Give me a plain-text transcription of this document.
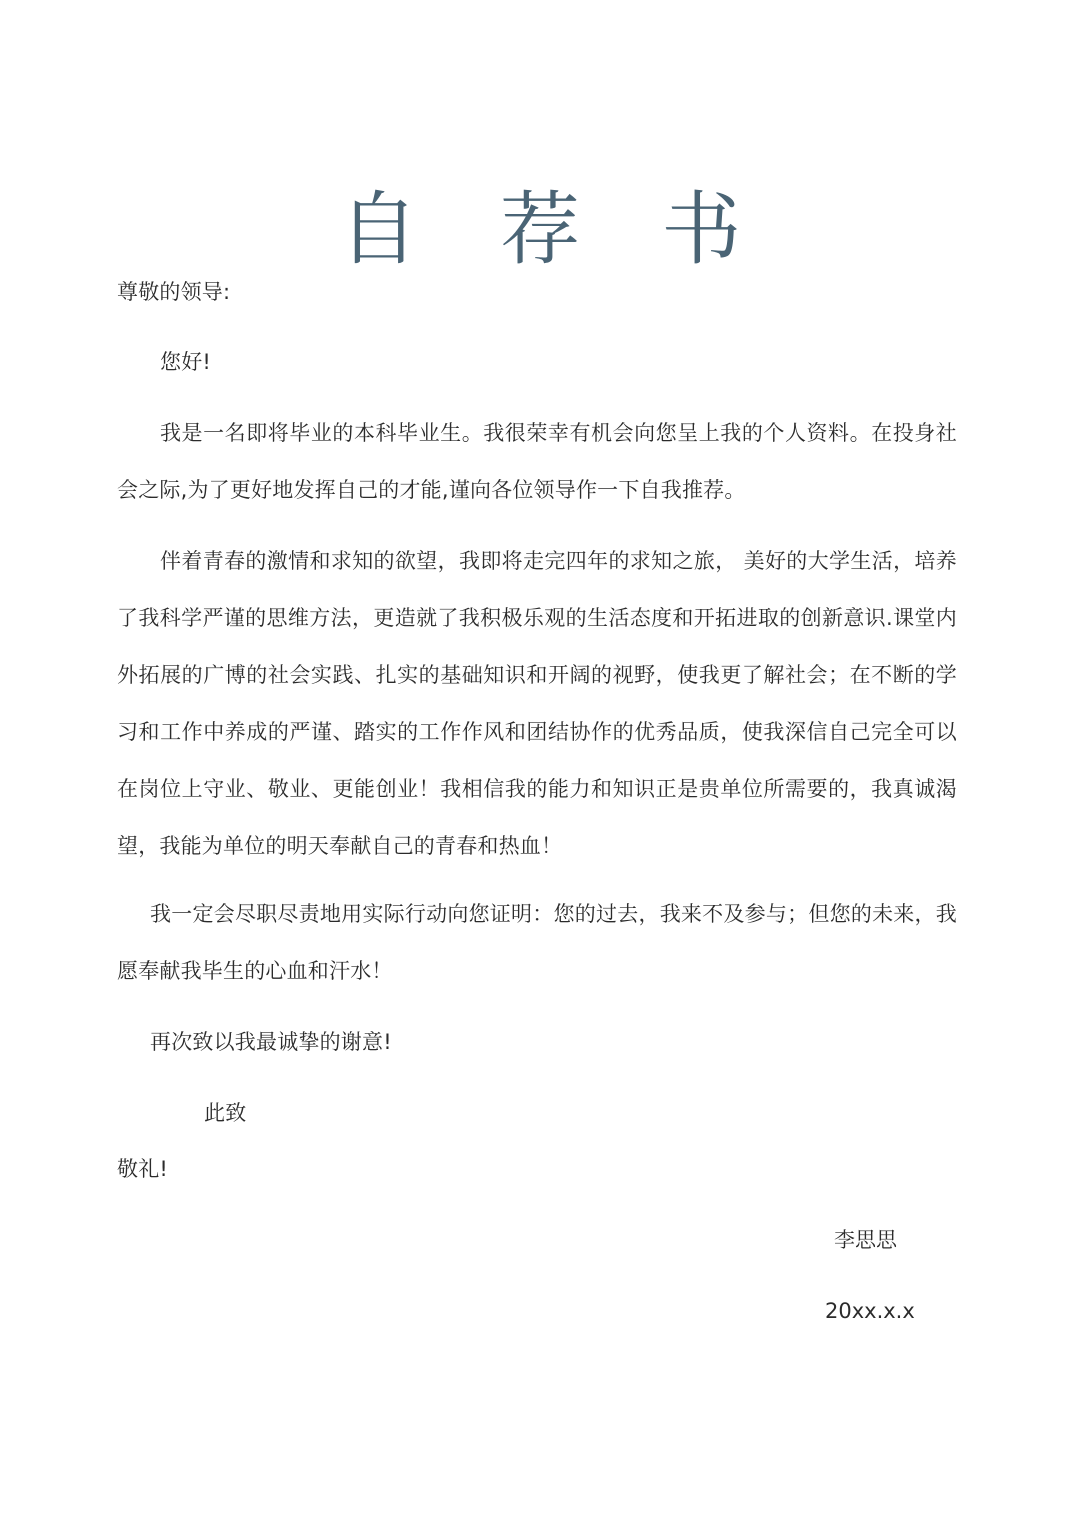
自 荐 书

尊敬的领导:

您好!

我是一名即将毕业的本科毕业生。我很荣幸有机会向您呈上我的个人资料。在投身社会之际,为了更好地发挥自己的才能,谨向各位领导作一下自我推荐。

伴着青春的激情和求知的欲望，我即将走完四年的求知之旅， 美好的大学生活，培养了我科学严谨的思维方法，更造就了我积极乐观的生活态度和开拓进取的创新意识.课堂内外拓展的广博的社会实践、扎实的基础知识和开阔的视野，使我更了解社会；在不断的学习和工作中养成的严谨、踏实的工作作风和团结协作的优秀品质，使我深信自己完全可以在岗位上守业、敬业、更能创业！我相信我的能力和知识正是贵单位所需要的，我真诚渴望，我能为单位的明天奉献自己的青春和热血！

我一定会尽职尽责地用实际行动向您证明：您的过去，我来不及参与；但您的未来，我愿奉献我毕生的心血和汗水！

再次致以我最诚挚的谢意!

此致

敬礼!

李思思
20xx.x.x
